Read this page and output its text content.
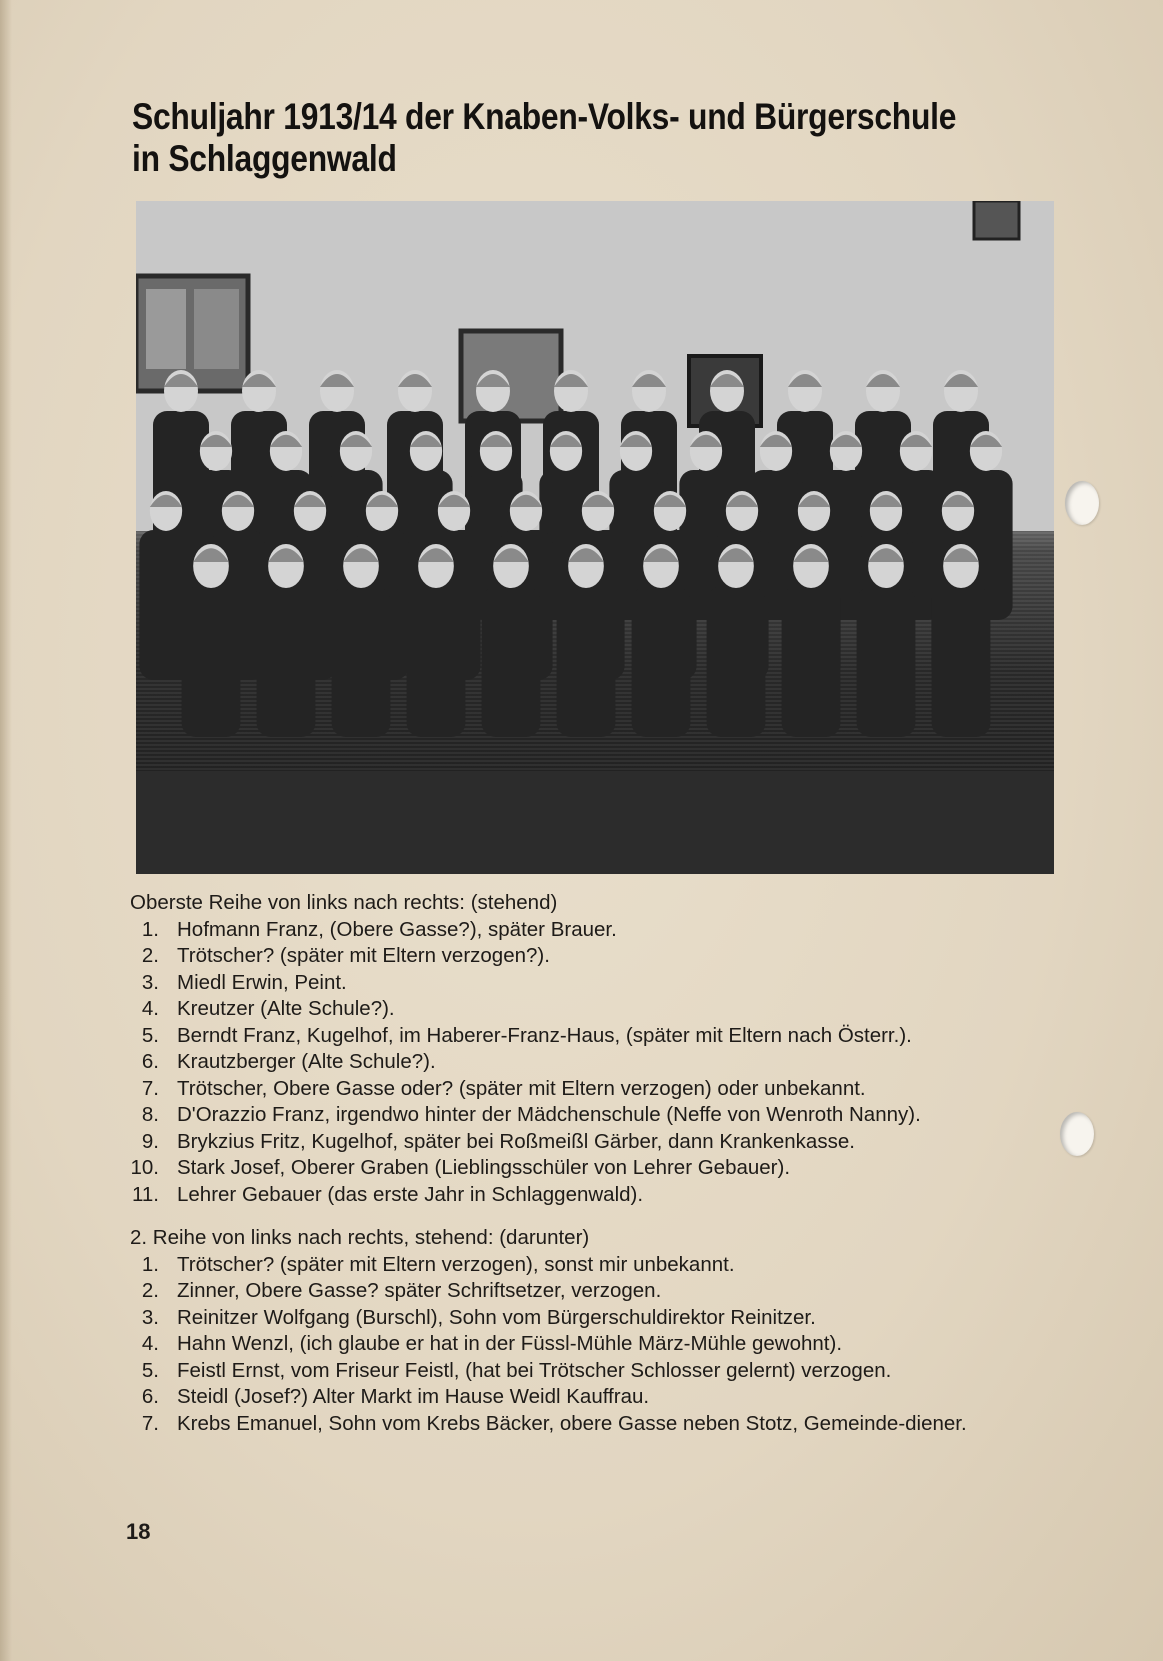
Schuljahr 1913/14 der Knaben-Volks- und Bürgerschule
in Schlaggenwald

Oberste Reihe von links nach rechts: (stehend)

1. Hofmann Franz, (Obere Gasse?), später Brauer.
2. Trötscher? (später mit Eltern verzogen?).
3. Miedl Erwin, Peint.
4. Kreutzer (Alte Schule?).
5. Berndt Franz, Kugelhof, im Haberer-Franz-Haus, (später mit Eltern nach Österr.).
6. Krautzberger (Alte Schule?).
7. Trötscher, Obere Gasse oder? (später mit Eltern verzogen) oder unbekannt.
8. D'Orazzio Franz, irgendwo hinter der Mädchenschule (Neffe von Wenroth Nanny).
9. Brykzius Fritz, Kugelhof, später bei Roßmeißl Gärber, dann Krankenkasse.
10. Stark Josef, Oberer Graben (Lieblingsschüler von Lehrer Gebauer).
11. Lehrer Gebauer (das erste Jahr in Schlaggenwald).

2. Reihe von links nach rechts, stehend: (darunter)

1. Trötscher? (später mit Eltern verzogen), sonst mir unbekannt.
2. Zinner, Obere Gasse? später Schriftsetzer, verzogen.
3. Reinitzer Wolfgang (Burschl), Sohn vom Bürgerschuldirektor Reinitzer.
4. Hahn Wenzl, (ich glaube er hat in der Füssl-Mühle März-Mühle gewohnt).
5. Feistl Ernst, vom Friseur Feistl, (hat bei Trötscher Schlosser gelernt) verzogen.
6. Steidl (Josef?) Alter Markt im Hause Weidl Kauffrau.
7. Krebs Emanuel, Sohn vom Krebs Bäcker, obere Gasse neben Stotz, Gemeinde-diener.
18
